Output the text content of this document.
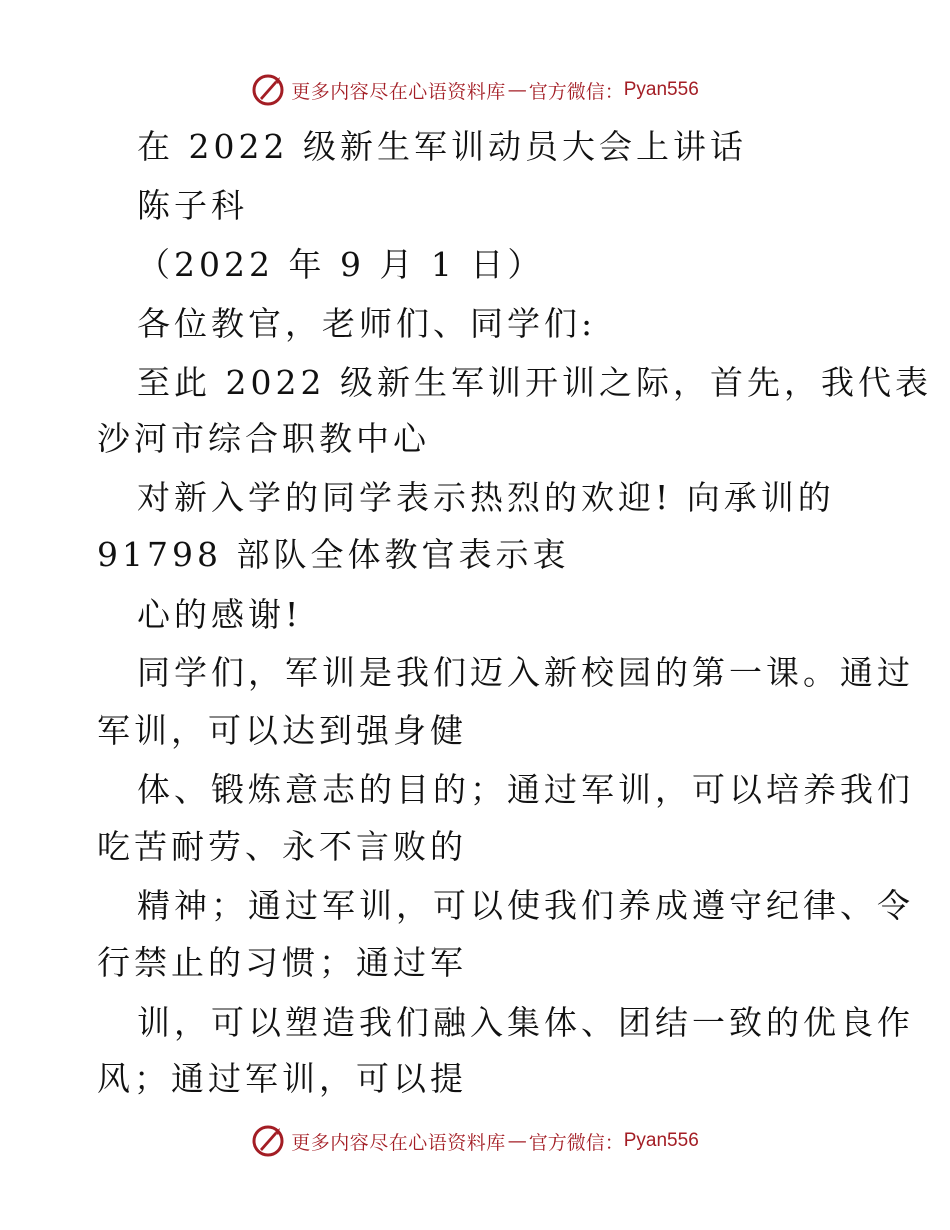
更多内容尽在心语资料库 — 官方微信： Pyan556
在 2022 级新生军训动员大会上讲话
陈子科
（2022 年 9 月 1 日）
各位教官，老师们、同学们:
至此 2022 级新生军训开训之际，首先，我代表
沙河市综合职教中心
对新入学的同学表示热烈的欢迎! 向承训的
91798 部队全体教官表示衷
心的感谢!
同学们，军训是我们迈入新校园的第一课。通过
军训，可以达到强身健
体、锻炼意志的目的；通过军训，可以培养我们
吃苦耐劳、永不言败的
精神；通过军训，可以使我们养成遵守纪律、令
行禁止的习惯；通过军
训，可以塑造我们融入集体、团结一致的优良作
风；通过军训，可以提
更多内容尽在心语资料库 — 官方微信： Pyan556
